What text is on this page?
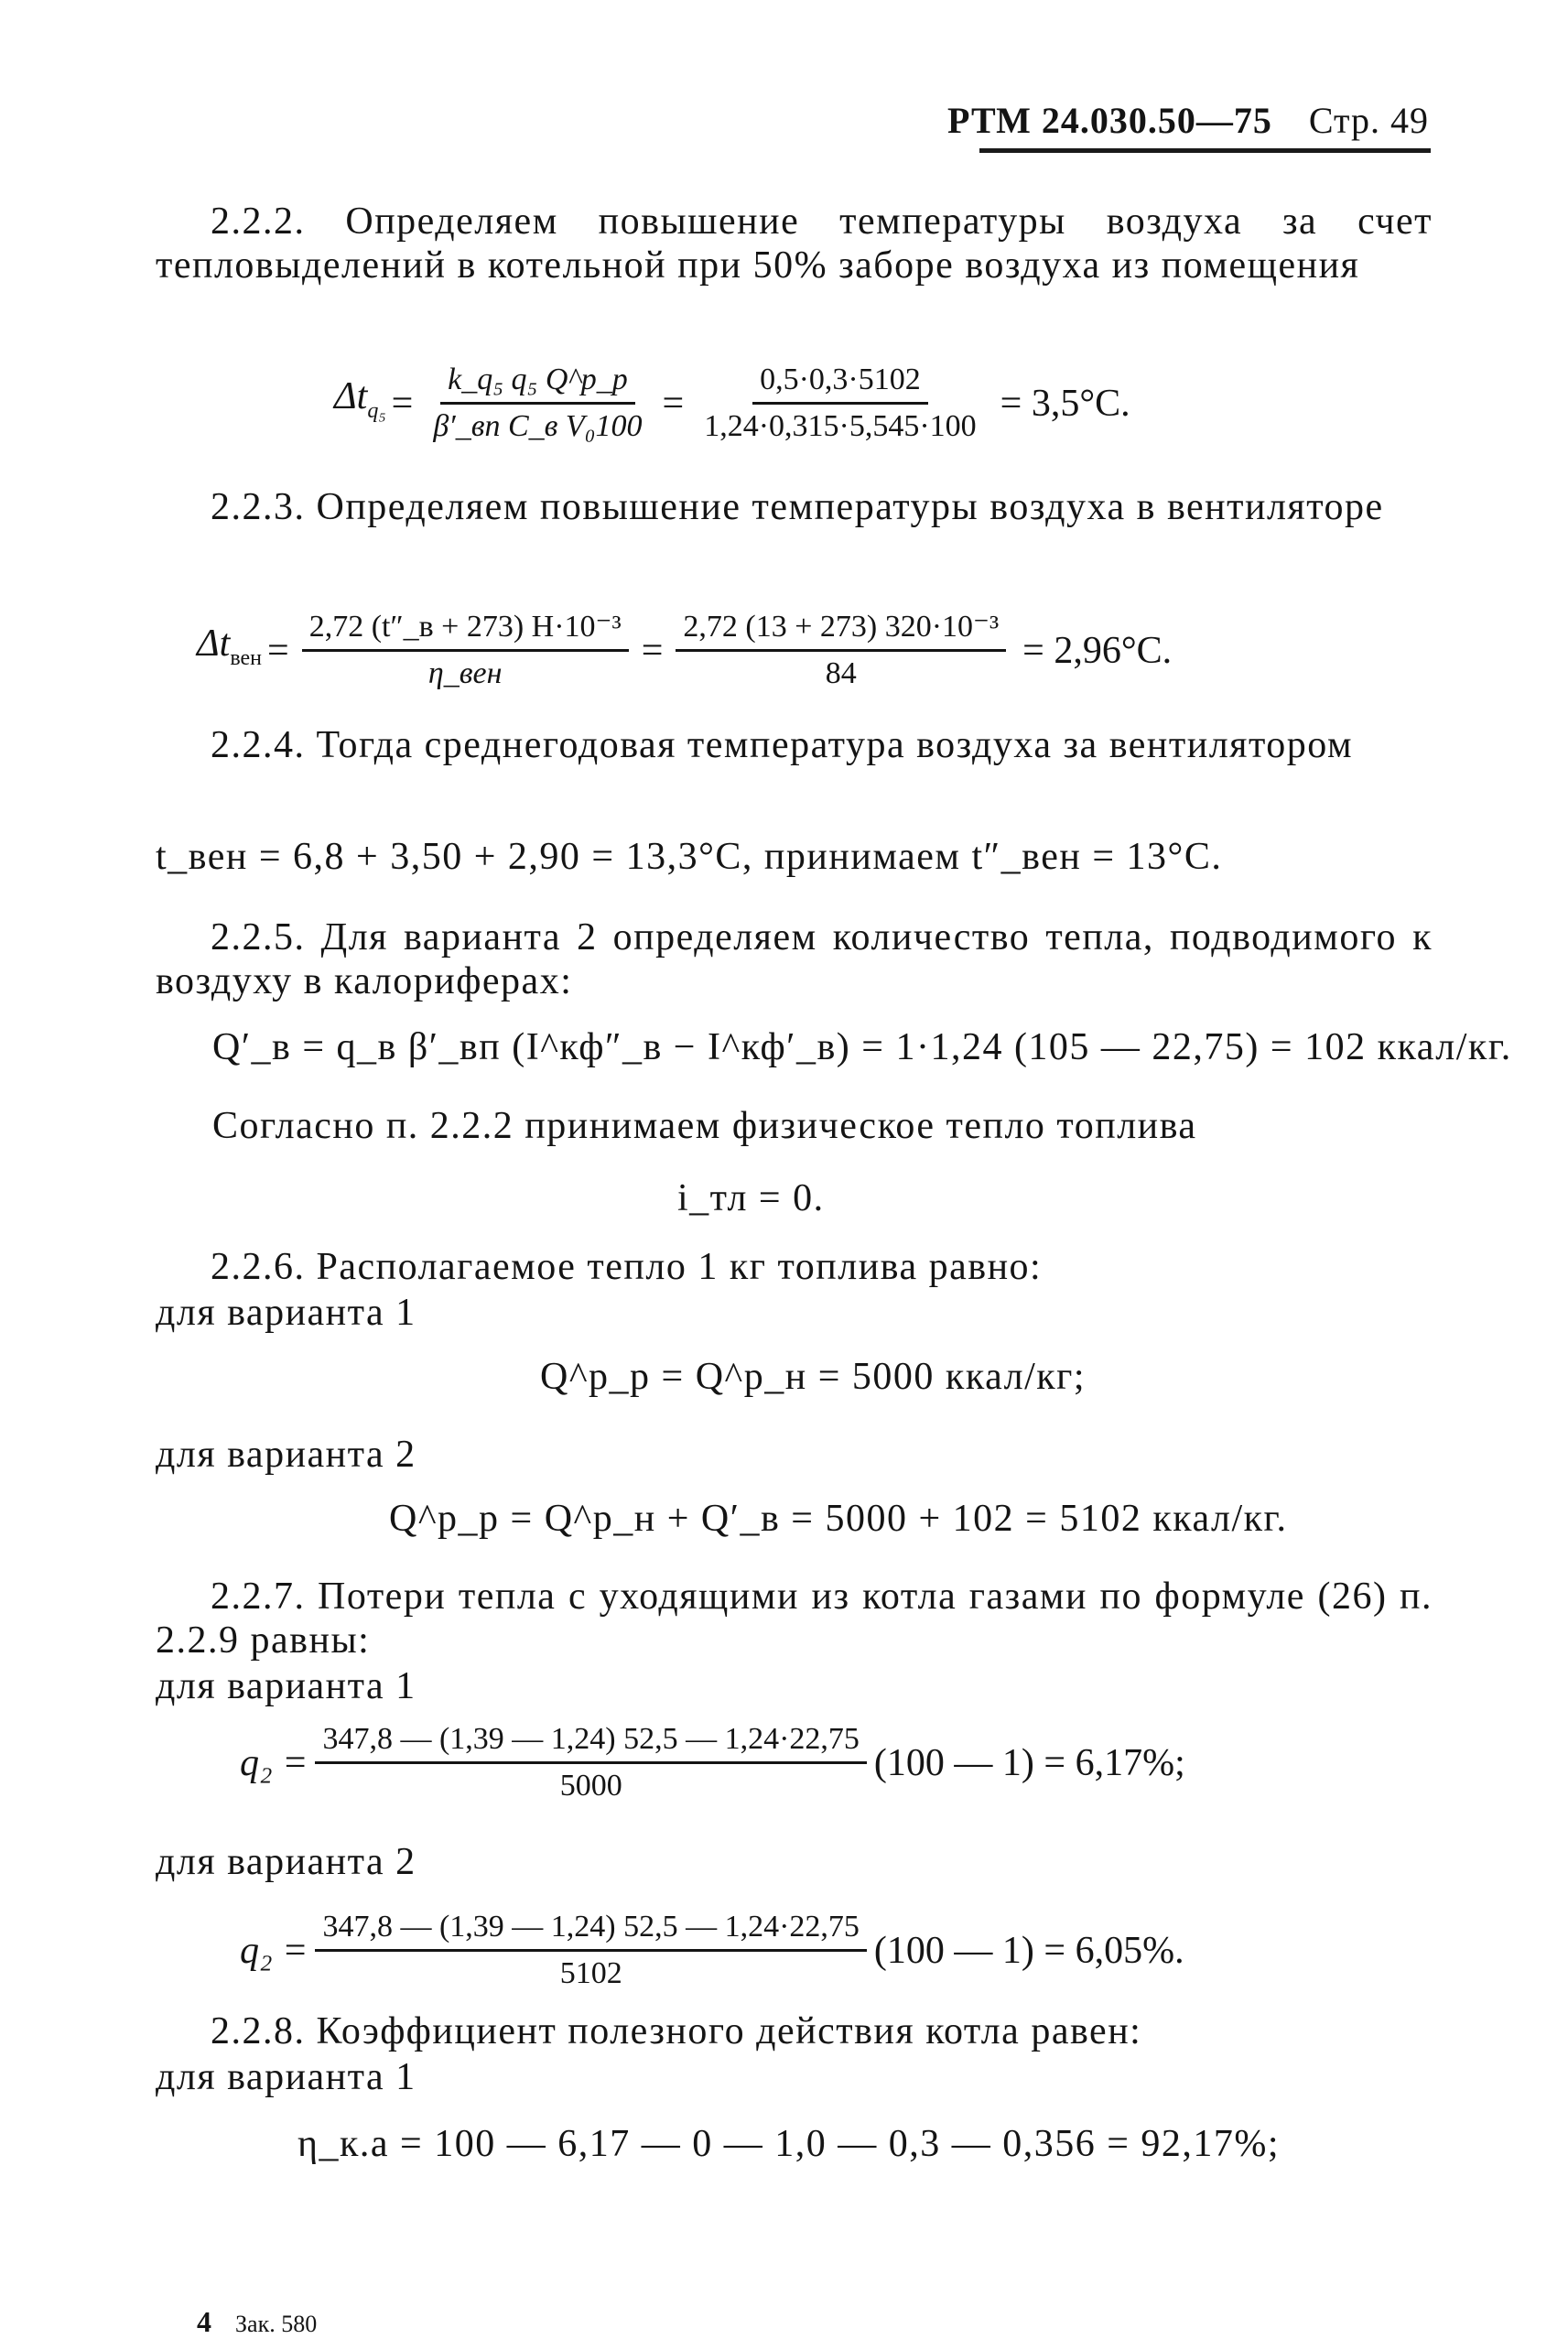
РТМ 24.030.50—75 Стр. 49
2.2.2. Определяем повышение температуры воздуха за счет тепловыделений в котельной при 50% заборе воздуха из помещения
$\Delta t_{q_5} = \frac{\text{k\_q₅ q₅ Q\textasciicircum{}р\_р}}{\text{β′\_вп C\_в V₀100}} = \frac{0,5\cdot 0,3\cdot 5102}{1,24\cdot 0,315\cdot 5,545\cdot 100} = 3,5^\circ C$.
2.2.3. Определяем повышение температуры воздуха в вентиляторе
$\Delta t_{вен} = \frac{\text{2,72 (t″\_в + 273) H·10⁻³}}{\text{η\_вен}} = \frac{\text{2,72 (13 + 273) 320·10⁻³}}{84} = 2,96^\circ C$.
2.2.4. Тогда среднегодовая температура воздуха за вентилятором
t_вен = 6,8 + 3,50 + 2,90 = 13,3°C, принимаем t″_вен = 13°C.
2.2.5. Для варианта 2 определяем количество тепла, подводимого к воздуху в калориферах:
Q′_в = q_в β′_вп (I^кф″_в − I^кф′_в) = 1·1,24 (105 — 22,75) = 102 ккал/кг.
Согласно п. 2.2.2 принимаем физическое тепло топлива
i_тл = 0.
2.2.6. Располагаемое тепло 1 кг топлива равно:
для варианта 1
Q^р_р = Q^р_н = 5000 ккал/кг;
для варианта 2
Q^р_р = Q^р_н + Q′_в = 5000 + 102 = 5102 ккал/кг.
2.2.7. Потери тепла с уходящими из котла газами по формуле (26) п. 2.2.9 равны:
для варианта 1
$q_2 = \frac{347,8 — (1,39 — 1,24) 52,5 — 1,24\cdot 22,75}{5000} (100$ — 1) = 6,17%;
для варианта 2
$q_2 = \frac{347,8 — (1,39 — 1,24) 52,5 — 1,24\cdot 22,75}{5102} (100$ — 1) = 6,05%.
2.2.8. Коэффициент полезного действия котла равен:
для варианта 1
η_к.а = 100 — 6,17 — 0 — 1,0 — 0,3 — 0,356 = 92,17%;
4 Зак. 580
